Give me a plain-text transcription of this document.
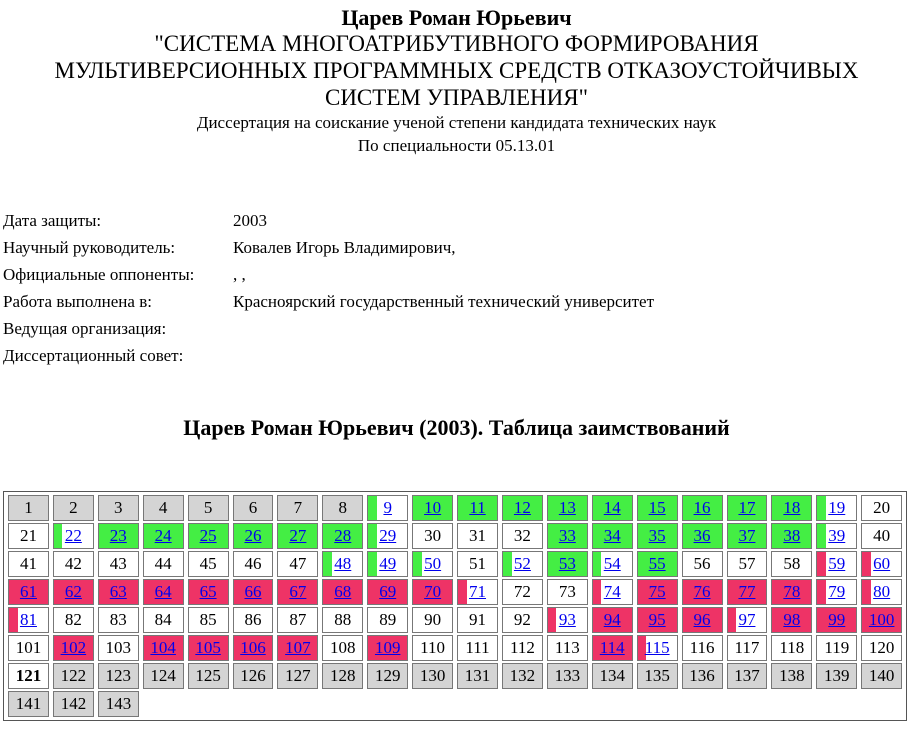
Царев Роман Юрьевич
"СИСТЕМА МНОГОАТРИБУТИВНОГО ФОРМИРОВАНИЯ
МУЛЬТИВЕРСИОННЫХ ПРОГРАММНЫХ СРЕДСТВ ОТКАЗОУСТОЙЧИВЫХ
СИСТЕМ УПРАВЛЕНИЯ"
Диссертация на соискание ученой степени кандидата технических наук
По специальности 05.13.01
Дата защиты:	2003
Научный руководитель:	Ковалев Игорь Владимирович,
Официальные оппоненты: , ,
Работа выполнена в:	Красноярский государственный технический университет
Ведущая организация:
Диссертационный совет:
Царев Роман Юрьевич (2003). Таблица заимствований
1	2	3	4	5	6	7	8	9	10	11	12	13	14	15	16	17	18	19	20
21	22	23	24	25	26	27	28	29	30	31	32	33	34	35	36	37	38	39	40
41	42	43	44	45	46	47	48	49	50	51	52	53	54	55	56	57	58	59	60
61	62	63	64	65	66	67	68	69	70	71	72	73	74	75	76	77	78	79	80
81	82	83	84	85	86	87	88	89	90	91	92	93	94	95	96	97	98	99	100
101	102	103	104	105	106	107	108	109	110	111	112	113	114	115	116	117	118	119	120
121	122	123	124	125	126	127	128	129	130	131	132	133	134	135	136	137	138	139	140
141	142	143
